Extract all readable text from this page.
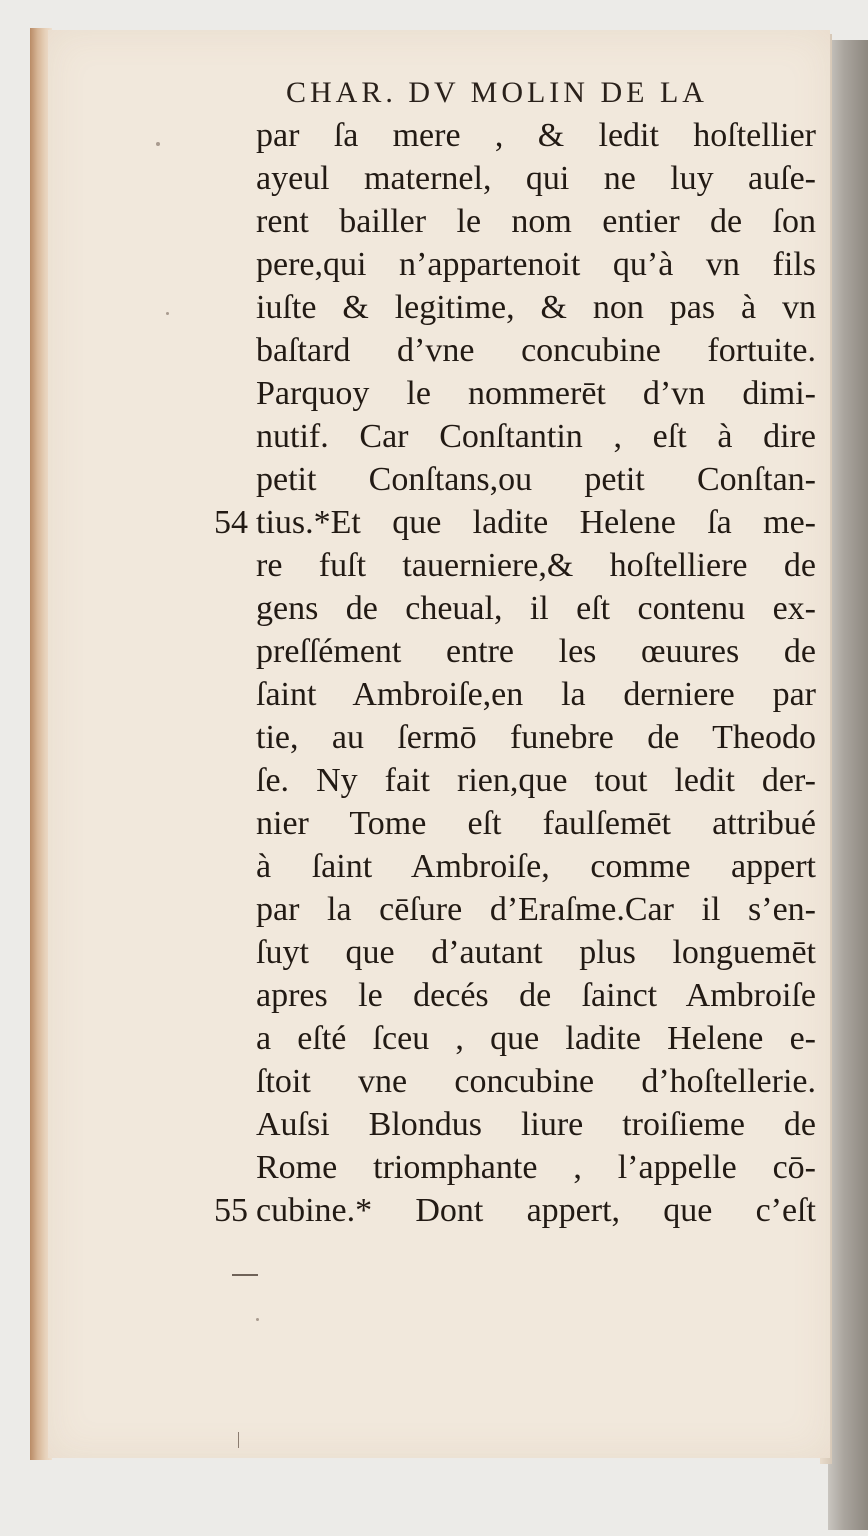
CHAR. DV MOLIN DE LA
par ſa mere , & ledit hoſtellier
ayeul maternel, qui ne luy auſe-
rent bailler le nom entier de ſon
pere,qui n’appartenoit qu’à vn fils
iuſte & legitime, & non pas à vn
baſtard d’vne concubine fortuite.
Parquoy le nommerēt d’vn dimi-
nutif. Car Conſtantin , eſt à dire
petit Conſtans,ou petit Conſtan-
54 tius.*Et que ladite Helene ſa me-
re fuſt tauerniere,& hoſtelliere de
gens de cheual, il eſt contenu ex-
preſſément entre les œuures de
ſaint Ambroiſe,en la derniere par
tie, au ſermō funebre de Theodo
ſe. Ny fait rien,que tout ledit der-
nier Tome eſt faulſemēt attribué
à ſaint Ambroiſe, comme appert
par la cēſure d’Eraſme.Car il s’en-
ſuyt que d’autant plus longuemēt
apres le decés de ſainct Ambroiſe
a eſté ſceu , que ladite Helene e-
ſtoit vne concubine d’hoſtellerie.
Auſsi Blondus liure troiſieme de
Rome triomphante , l’appelle cō-
55 cubine.* Dont appert, que c’eſt
